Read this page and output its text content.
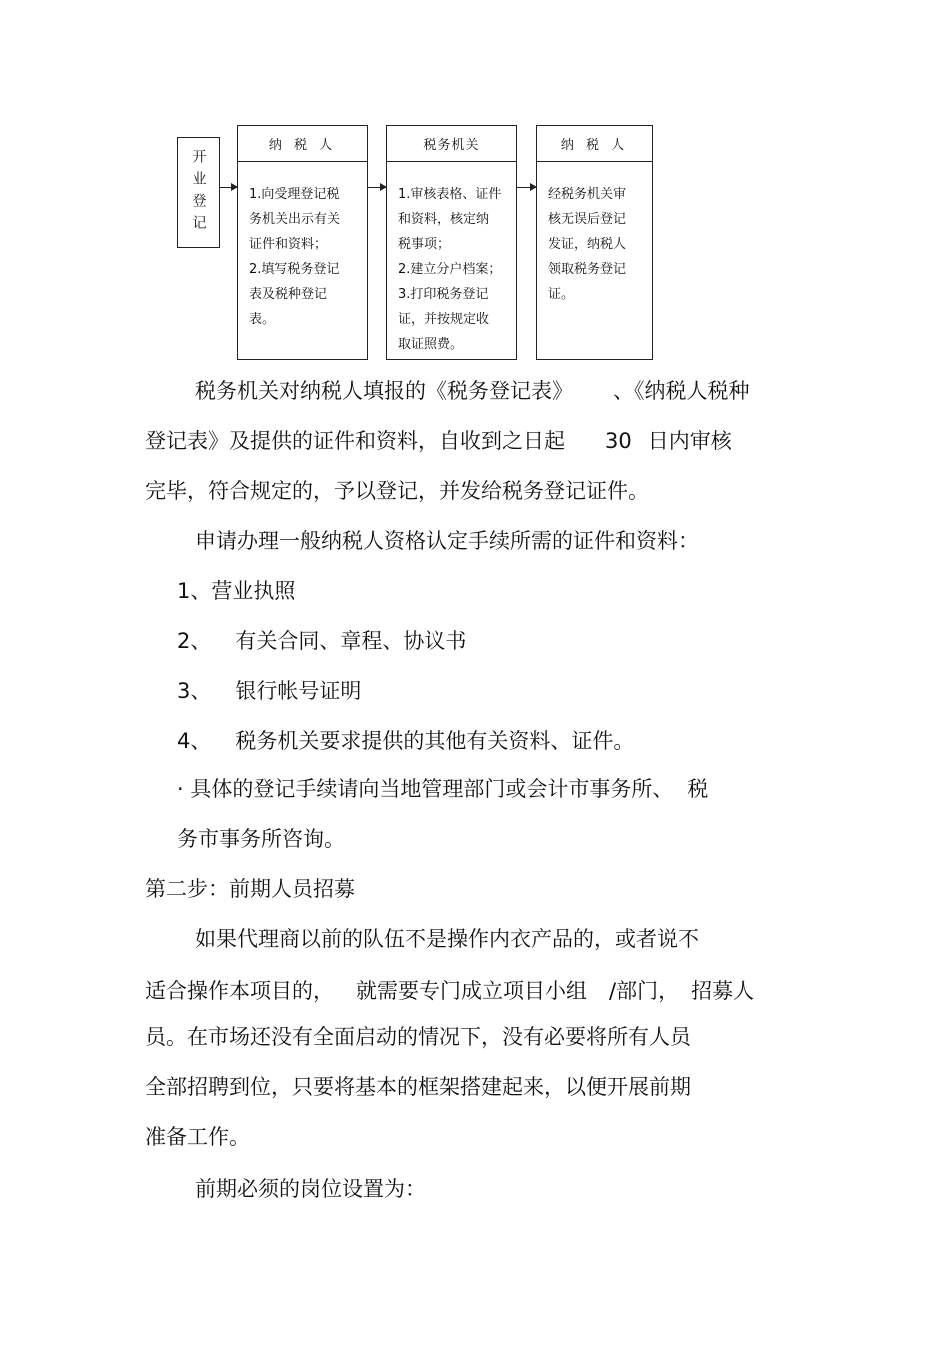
开业登记
纳 税 人
1.向受理登记税
务机关出示有关
证件和资料；
2.填写税务登记
表及税种登记
表。
税务机关
1.审核表格、证件
和资料，核定纳
税事项；
2.建立分户档案；
3.打印税务登记
证，并按规定收
取证照费。
纳 税 人
经税务机关审
核无误后登记
发证，纳税人
领取税务登记
证。
税务机关对纳税人填报的《税务登记表》 、《纳税人税种
登记表》及提供的证件和资料，自收到之日起 30 日内审核
完毕，符合规定的，予以登记，并发给税务登记证件。
申请办理一般纳税人资格认定手续所需的证件和资料：
1、营业执照
2、 有关合同、章程、协议书
3、 银行帐号证明
4、 税务机关要求提供的其他有关资料、证件。
· 具体的登记手续请向当地管理部门或会计市事务所、 税
务市事务所咨询。
第二步：前期人员招募
如果代理商以前的队伍不是操作内衣产品的，或者说不
适合操作本项目的， 就需要专门成立项目小组 /部门， 招募人
员。在市场还没有全面启动的情况下，没有必要将所有人员
全部招聘到位，只要将基本的框架搭建起来，以便开展前期
准备工作。
前期必须的岗位设置为：
